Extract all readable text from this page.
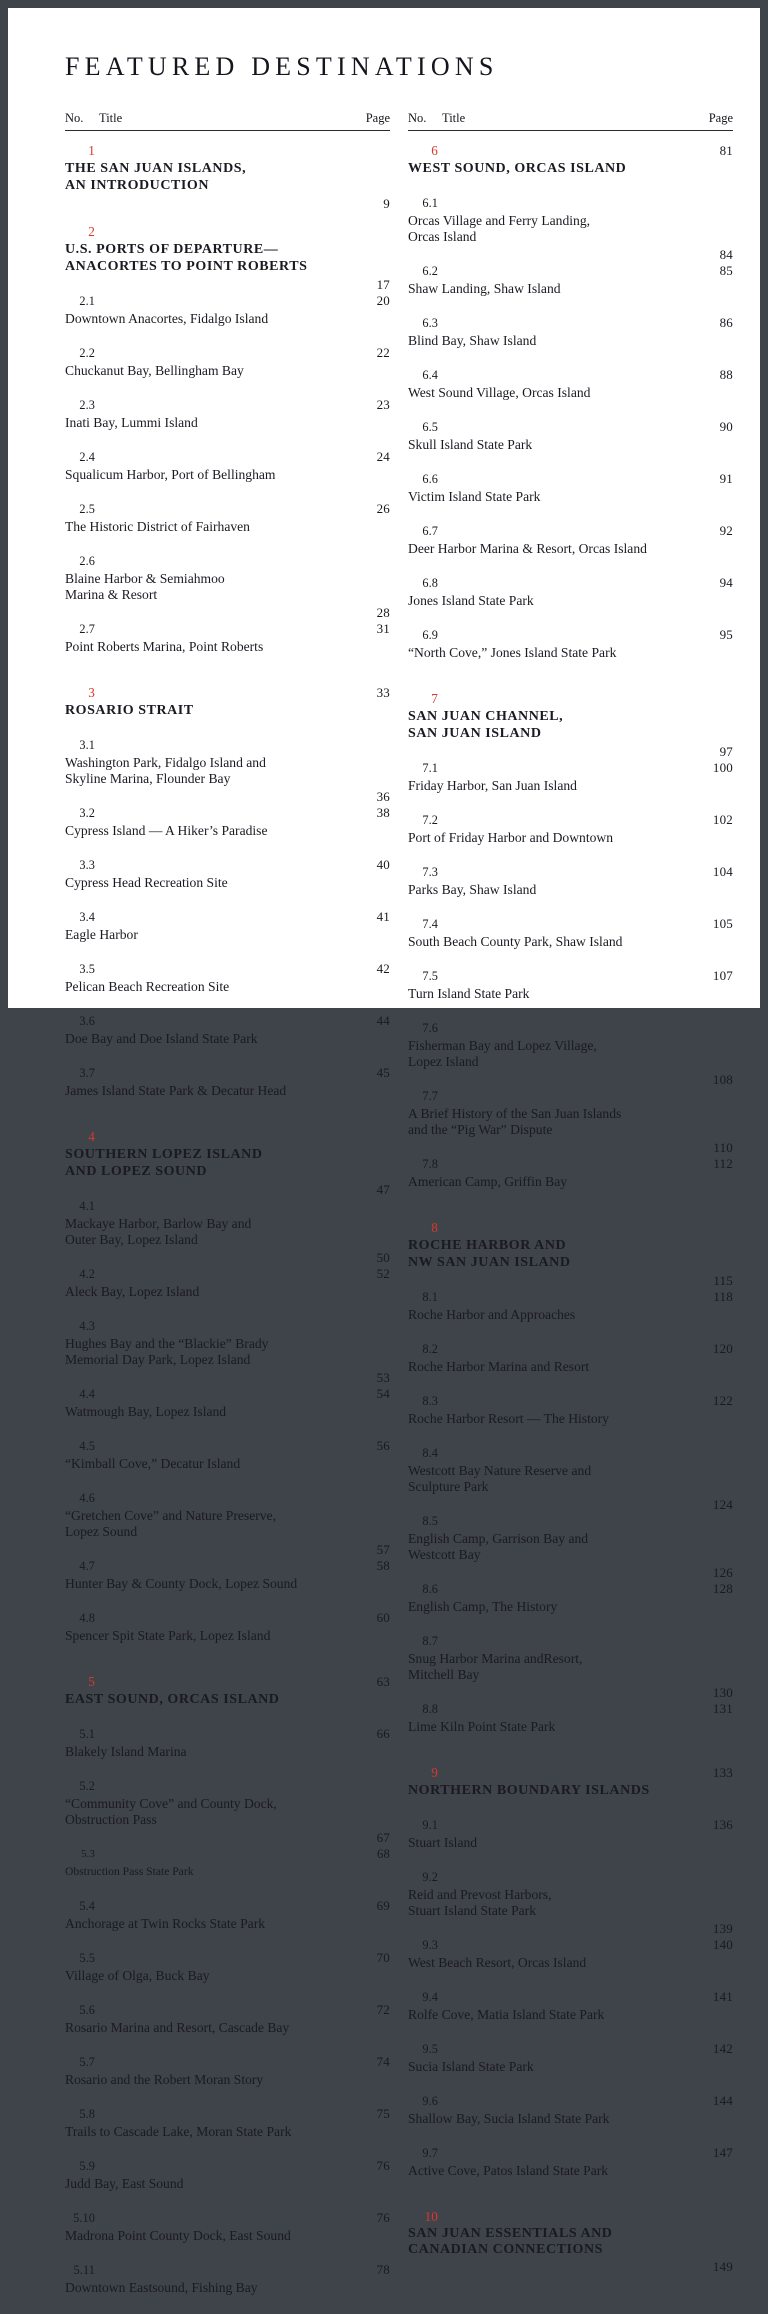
FEATURED DESTINATIONS
No. Title	Page
1
THE SAN JUAN ISLANDS,
AN INTRODUCTION
9
2
U.S. PORTS OF DEPARTURE—
ANACORTES TO POINT ROBERTS
17
2.1
Downtown Anacortes, Fidalgo Island
20
2.2
Chuckanut Bay, Bellingham Bay
22
2.3
Inati Bay, Lummi Island
23
2.4
Squalicum Harbor, Port of Bellingham
24
2.5
The Historic District of Fairhaven
26
2.6
Blaine Harbor & Semiahmoo
Marina & Resort
28
2.7
Point Roberts Marina, Point Roberts
31
3
ROSARIO STRAIT
33
3.1
Washington Park, Fidalgo Island and
Skyline Marina, Flounder Bay
36
3.2
Cypress Island — A Hiker’s Paradise
38
3.3
Cypress Head Recreation Site
40
3.4
Eagle Harbor
41
3.5
Pelican Beach Recreation Site
42
3.6
Doe Bay and Doe Island State Park
44
3.7
James Island State Park & Decatur Head
45
4
SOUTHERN LOPEZ ISLAND
AND LOPEZ SOUND
47
4.1
Mackaye Harbor, Barlow Bay and
Outer Bay, Lopez Island
50
4.2
Aleck Bay, Lopez Island
52
4.3
Hughes Bay and the “Blackie” Brady
Memorial Day Park, Lopez Island
53
4.4
Watmough Bay, Lopez Island
54
4.5
“Kimball Cove,” Decatur Island
56
4.6
“Gretchen Cove” and Nature Preserve,
Lopez Sound
57
4.7
Hunter Bay & County Dock, Lopez Sound
58
4.8
Spencer Spit State Park, Lopez Island
60
5
EAST SOUND, ORCAS ISLAND
63
5.1
Blakely Island Marina
66
5.2
“Community Cove” and County Dock,
Obstruction Pass
67
5.3
Obstruction Pass State Park
68
5.4
Anchorage at Twin Rocks State Park
69
5.5
Village of Olga, Buck Bay
70
5.6
Rosario Marina and Resort, Cascade Bay
72
5.7
Rosario and the Robert Moran Story
74
5.8
Trails to Cascade Lake, Moran State Park
75
5.9
Judd Bay, East Sound
76
5.10
Madrona Point County Dock, East Sound
76
5.11
Downtown Eastsound, Fishing Bay
78
No. Title	Page
6
WEST SOUND, ORCAS ISLAND
81
6.1
Orcas Village and Ferry Landing,
Orcas Island
84
6.2
Shaw Landing, Shaw Island
85
6.3
Blind Bay, Shaw Island
86
6.4
West Sound Village, Orcas Island
88
6.5
Skull Island State Park
90
6.6
Victim Island State Park
91
6.7
Deer Harbor Marina & Resort, Orcas Island
92
6.8
Jones Island State Park
94
6.9
“North Cove,” Jones Island State Park
95
7
SAN JUAN CHANNEL,
SAN JUAN ISLAND
97
7.1
Friday Harbor, San Juan Island
100
7.2
Port of Friday Harbor and Downtown
102
7.3
Parks Bay, Shaw Island
104
7.4
South Beach County Park, Shaw Island
105
7.5
Turn Island State Park
107
7.6
Fisherman Bay and Lopez Village,
Lopez Island
108
7.7
A Brief History of the San Juan Islands
and the “Pig War” Dispute
110
7.8
American Camp, Griffin Bay
112
8
ROCHE HARBOR AND
NW SAN JUAN ISLAND
115
8.1
Roche Harbor and Approaches
118
8.2
Roche Harbor Marina and Resort
120
8.3
Roche Harbor Resort — The History
122
8.4
Westcott Bay Nature Reserve and
Sculpture Park
124
8.5
English Camp, Garrison Bay and
Westcott Bay
126
8.6
English Camp, The History
128
8.7
Snug Harbor Marina andResort,
Mitchell Bay
130
8.8
Lime Kiln Point State Park
131
9
NORTHERN BOUNDARY ISLANDS
133
9.1
Stuart Island
136
9.2
Reid and Prevost Harbors,
Stuart Island State Park
139
9.3
West Beach Resort, Orcas Island
140
9.4
Rolfe Cove, Matia Island State Park
141
9.5
Sucia Island State Park
142
9.6
Shallow Bay, Sucia Island State Park
144
9.7
Active Cove, Patos Island State Park
147
10
SAN JUAN ESSENTIALS AND
CANADIAN CONNECTIONS
149
